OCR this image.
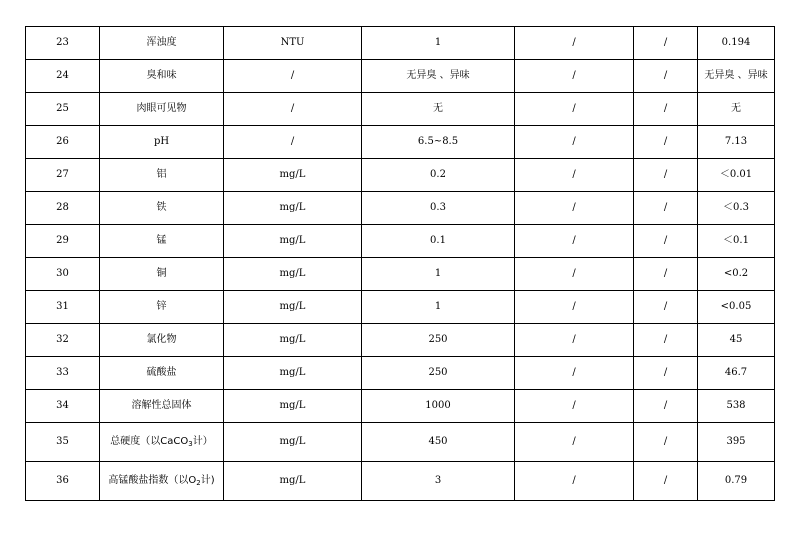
23	浑浊度	NTU	1	/	/	0.194
24	臭和味	/	无异臭 、异味	/	/	无异臭 、异味
25	肉眼可见物	/	无	/	/	无
26	pH	/	6.5~8.5	/	/	7.13
27	铝	mg/L	0.2	/	/	＜0.01
28	铁	mg/L	0.3	/	/	＜0.3
29	锰	mg/L	0.1	/	/	＜0.1
30	铜	mg/L	1	/	/	<0.2
31	锌	mg/L	1	/	/	<0.05
32	氯化物	mg/L	250	/	/	45
33	硫酸盐	mg/L	250	/	/	46.7
34	溶解性总固体	mg/L	1000	/	/	538
35	总硬度（以CaCO$_3$计）	mg/L	450	/	/	395
36	高锰酸盐指数（以$O_2$计)	mg/L	3	/	/	0.79
